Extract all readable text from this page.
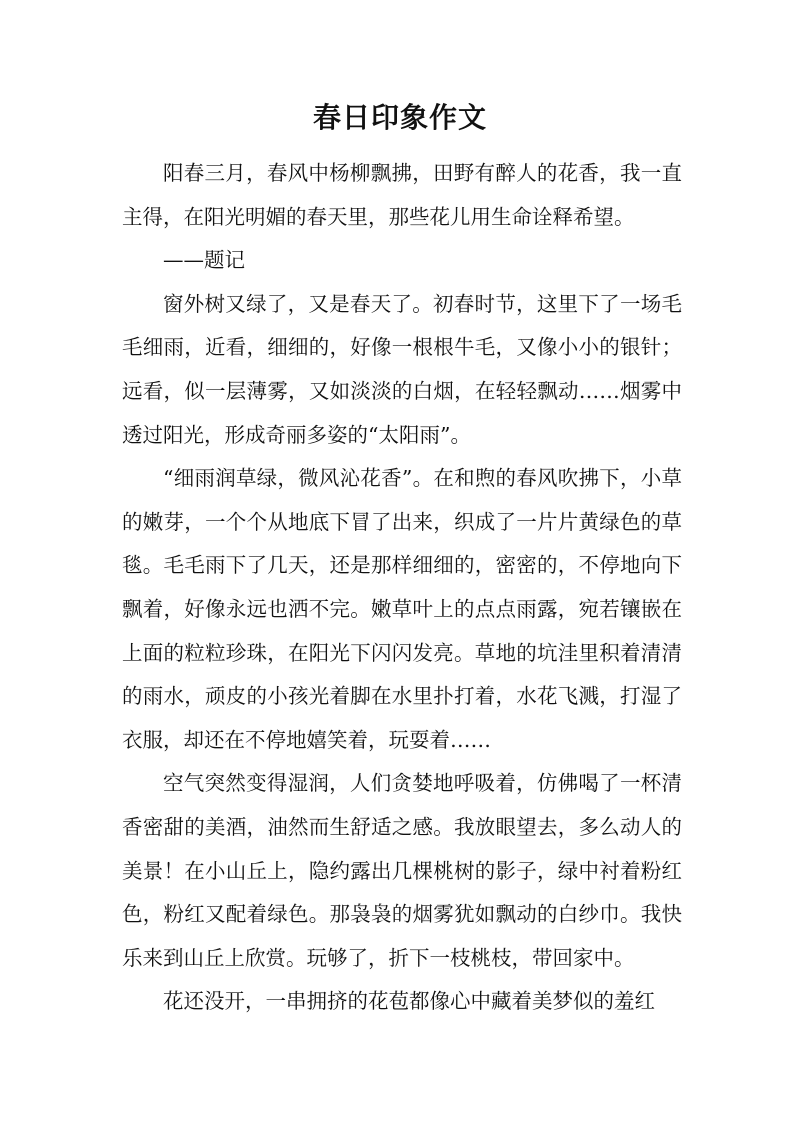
春日印象作文

阳春三月，春风中杨柳飘拂，田野有醉人的花香，我一直主得，在阳光明媚的春天里，那些花儿用生命诠释希望。

——题记

窗外树又绿了，又是春天了。初春时节，这里下了一场毛毛细雨，近看，细细的，好像一根根牛毛，又像小小的银针；远看，似一层薄雾，又如淡淡的白烟，在轻轻飘动……烟雾中透过阳光，形成奇丽多姿的“太阳雨”。

“细雨润草绿，微风沁花香”。在和煦的春风吹拂下，小草的嫩芽，一个个从地底下冒了出来，织成了一片片黄绿色的草毯。毛毛雨下了几天，还是那样细细的，密密的，不停地向下飘着，好像永远也洒不完。嫩草叶上的点点雨露，宛若镶嵌在上面的粒粒珍珠，在阳光下闪闪发亮。草地的坑洼里积着清清的雨水，顽皮的小孩光着脚在水里扑打着，水花飞溅，打湿了衣服，却还在不停地嬉笑着，玩耍着……

空气突然变得湿润，人们贪婪地呼吸着，仿佛喝了一杯清香密甜的美酒，油然而生舒适之感。我放眼望去，多么动人的美景！在小山丘上，隐约露出几棵桃树的影子，绿中衬着粉红色，粉红又配着绿色。那袅袅的烟雾犹如飘动的白纱巾。我快乐来到山丘上欣赏。玩够了，折下一枝桃枝，带回家中。

花还没开，一串拥挤的花苞都像心中藏着美梦似的羞红
